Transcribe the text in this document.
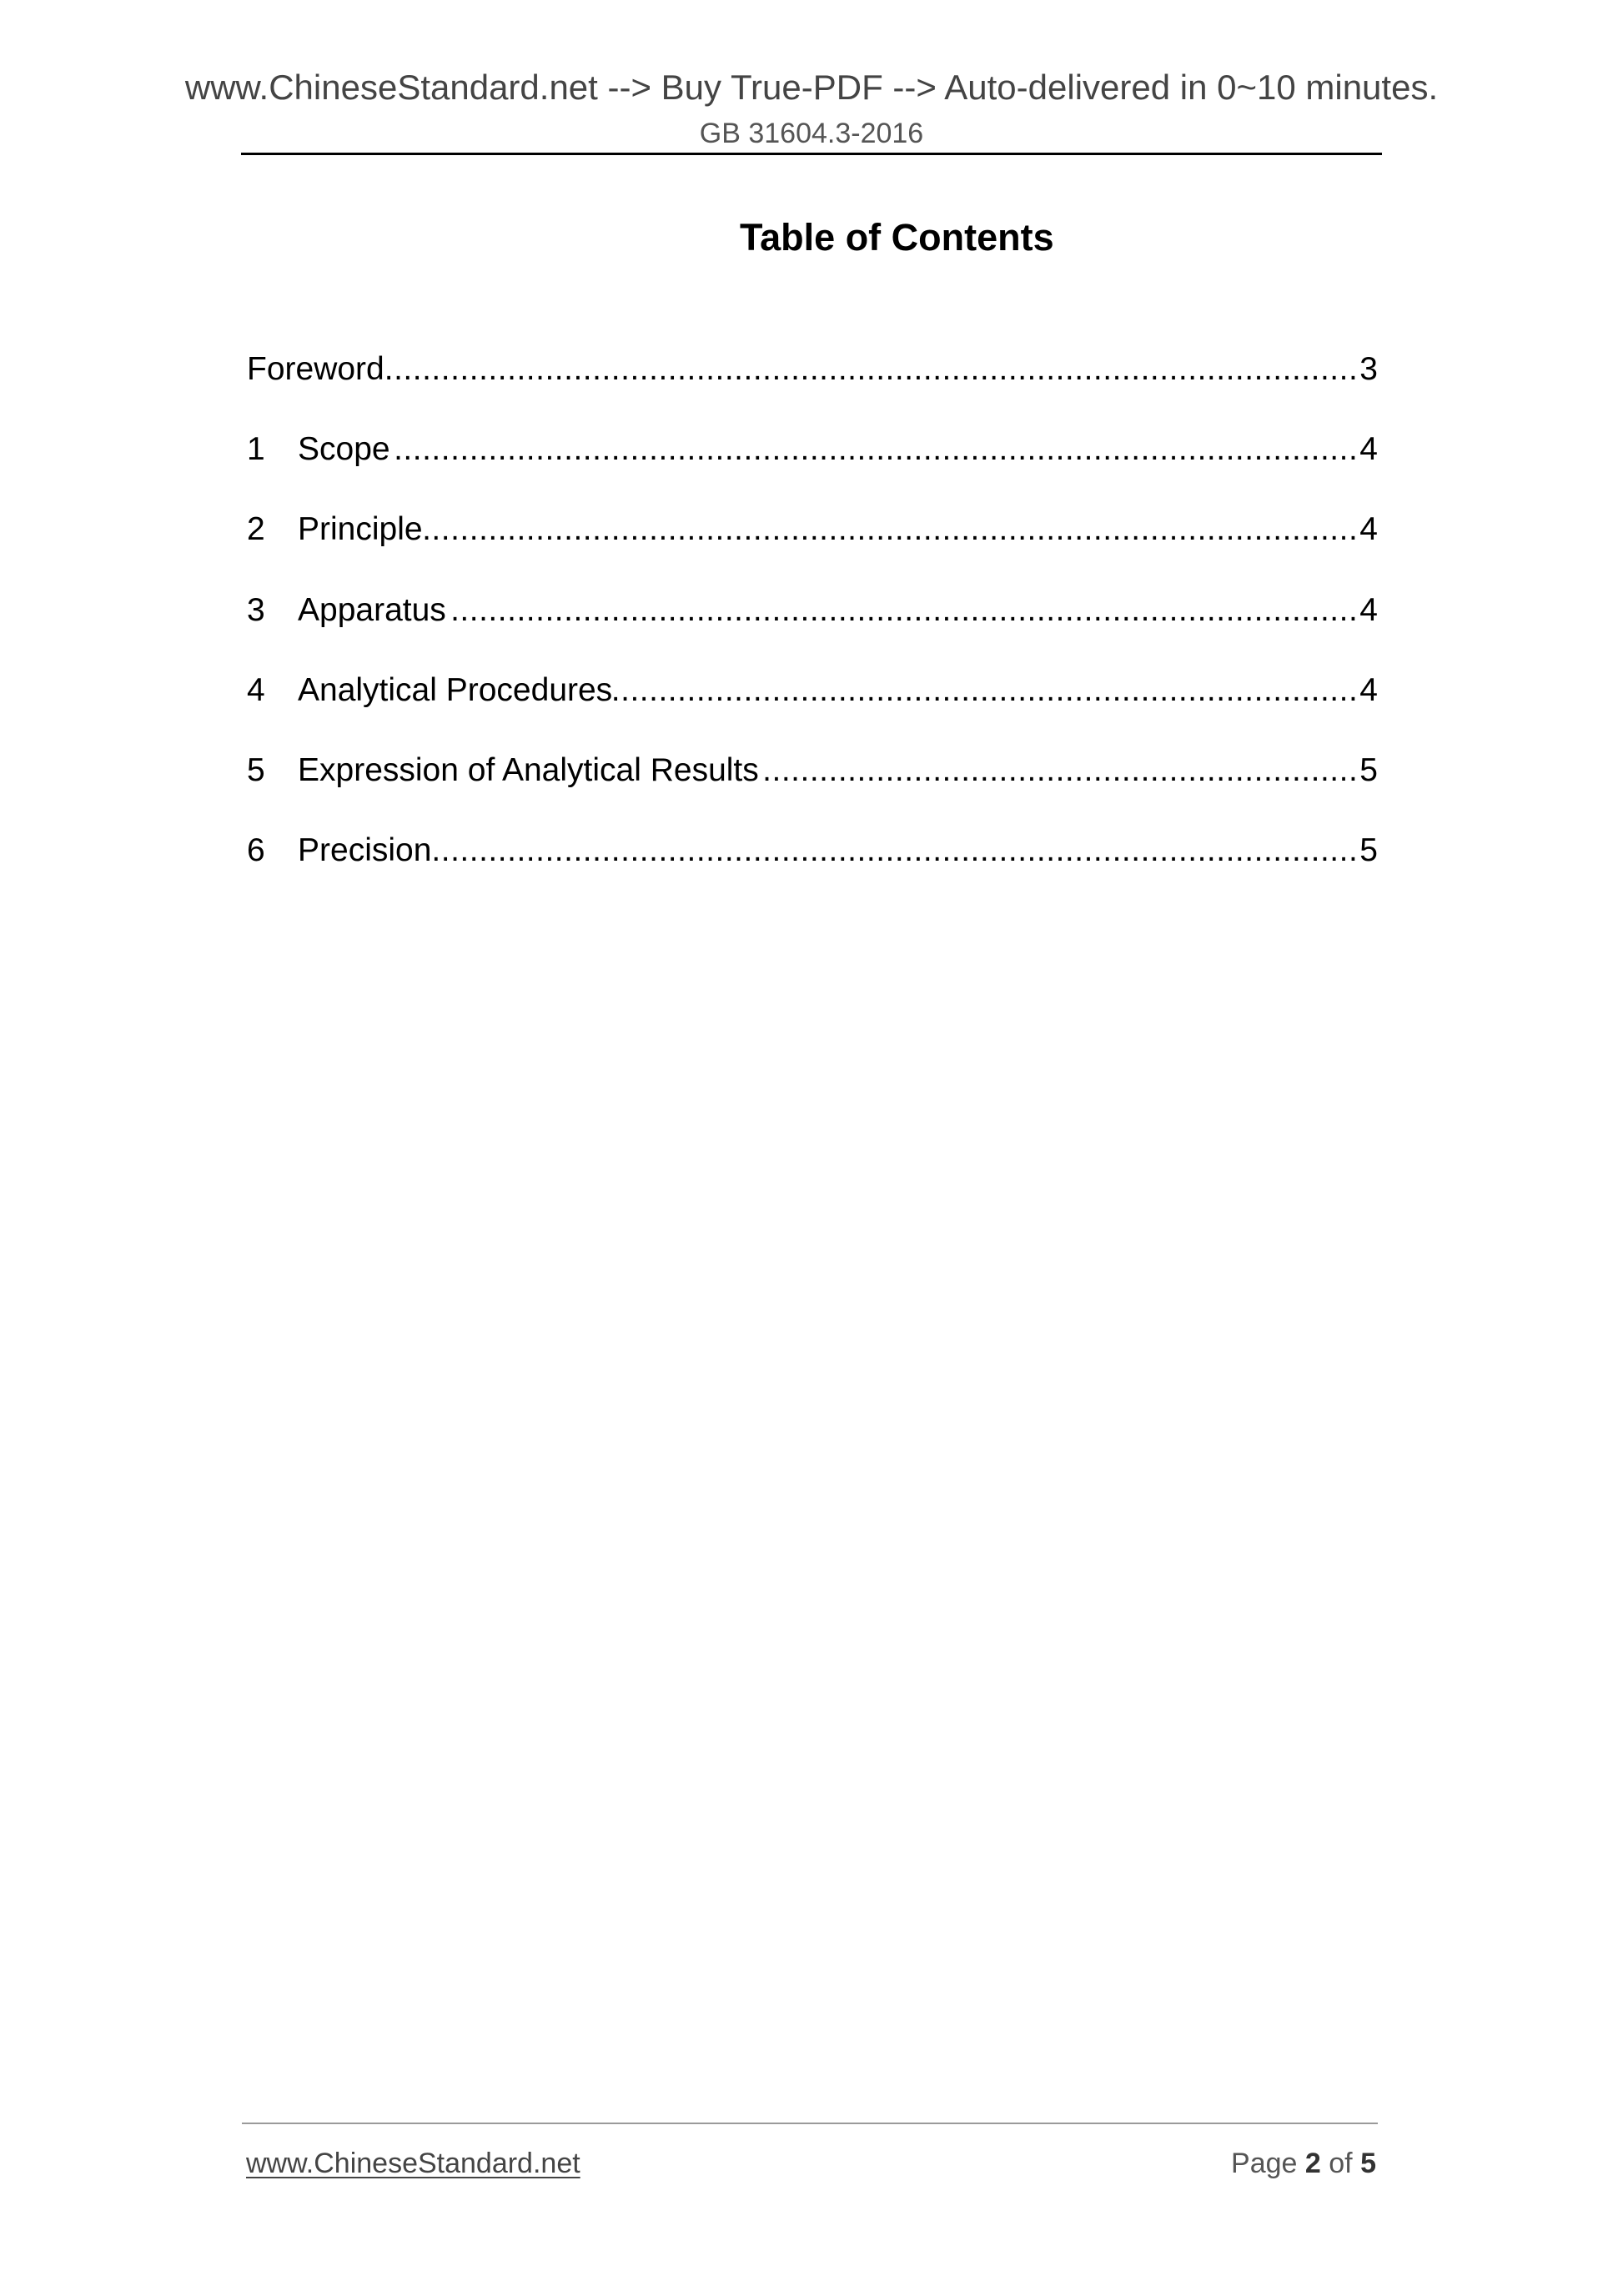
www.ChineseStandard.net --> Buy True-PDF --> Auto-delivered in 0~10 minutes.
GB 31604.3-2016
Table of Contents
Foreword .....	3
1	Scope .....	4
2	Principle .....	4
3	Apparatus .....	4
4	Analytical Procedures .....	4
5	Expression of Analytical Results .....	5
6	Precision .....	5
www.ChineseStandard.net	Page 2 of 5
